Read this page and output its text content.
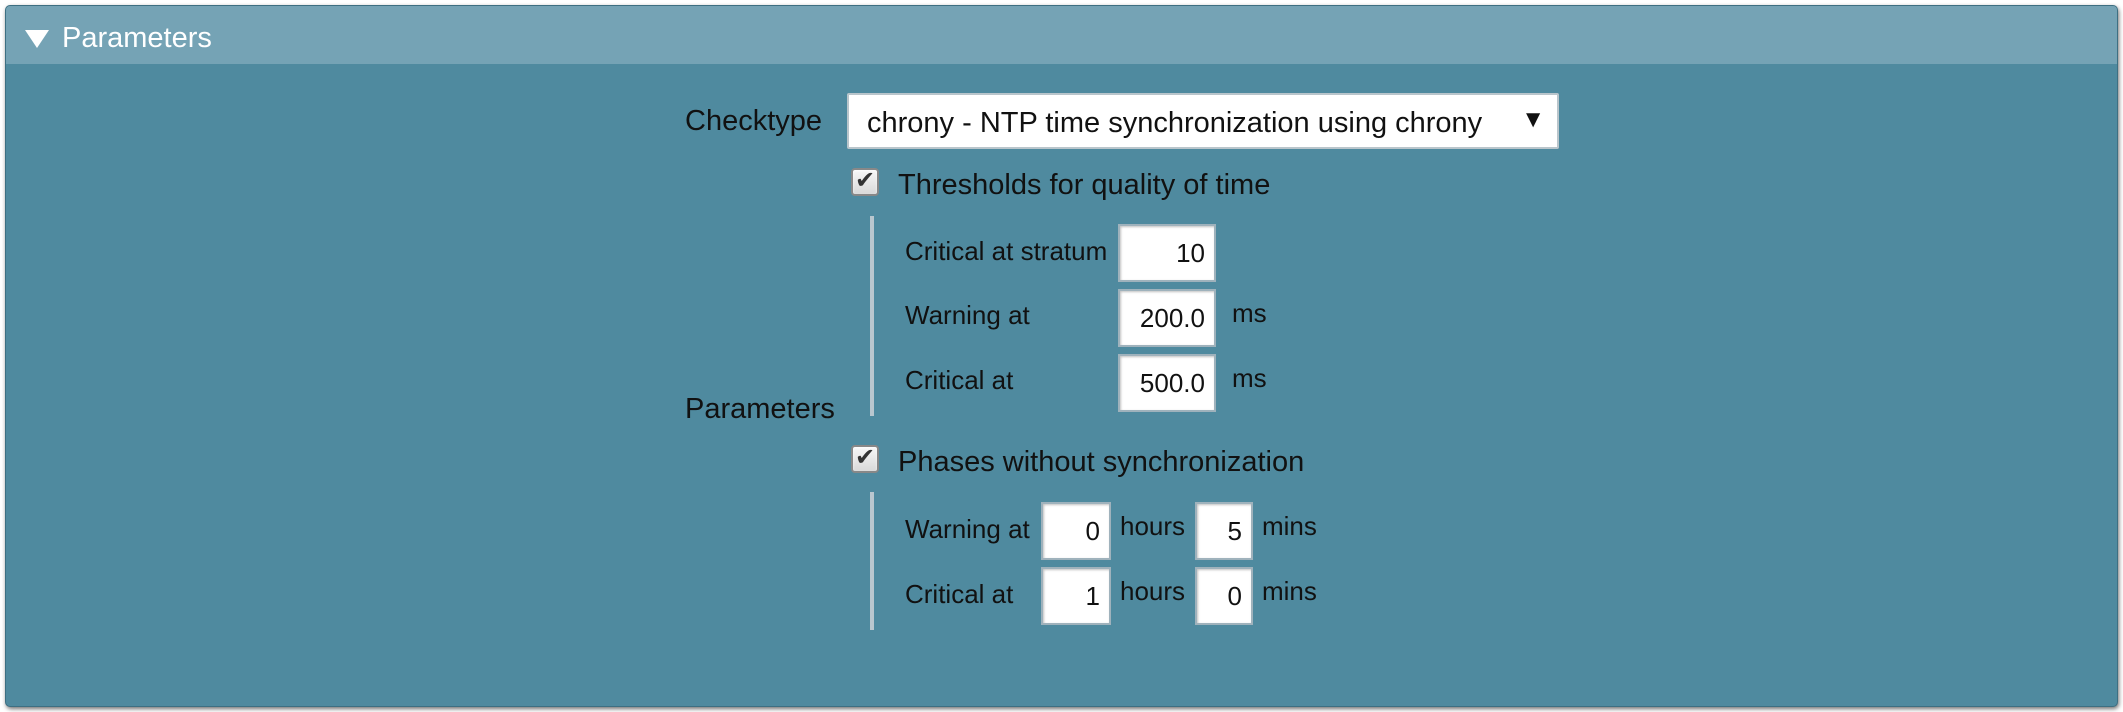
Parameters
Checktype chrony - NTP time synchronization using chrony ▼
Parameters
✔ Thresholds for quality of time
Critical at stratum	10
Warning at	200.0	ms
Critical at	500.0	ms
✔ Phases without synchronization
Warning at	0 hours	5 mins
Critical at	1 hours	0 mins
